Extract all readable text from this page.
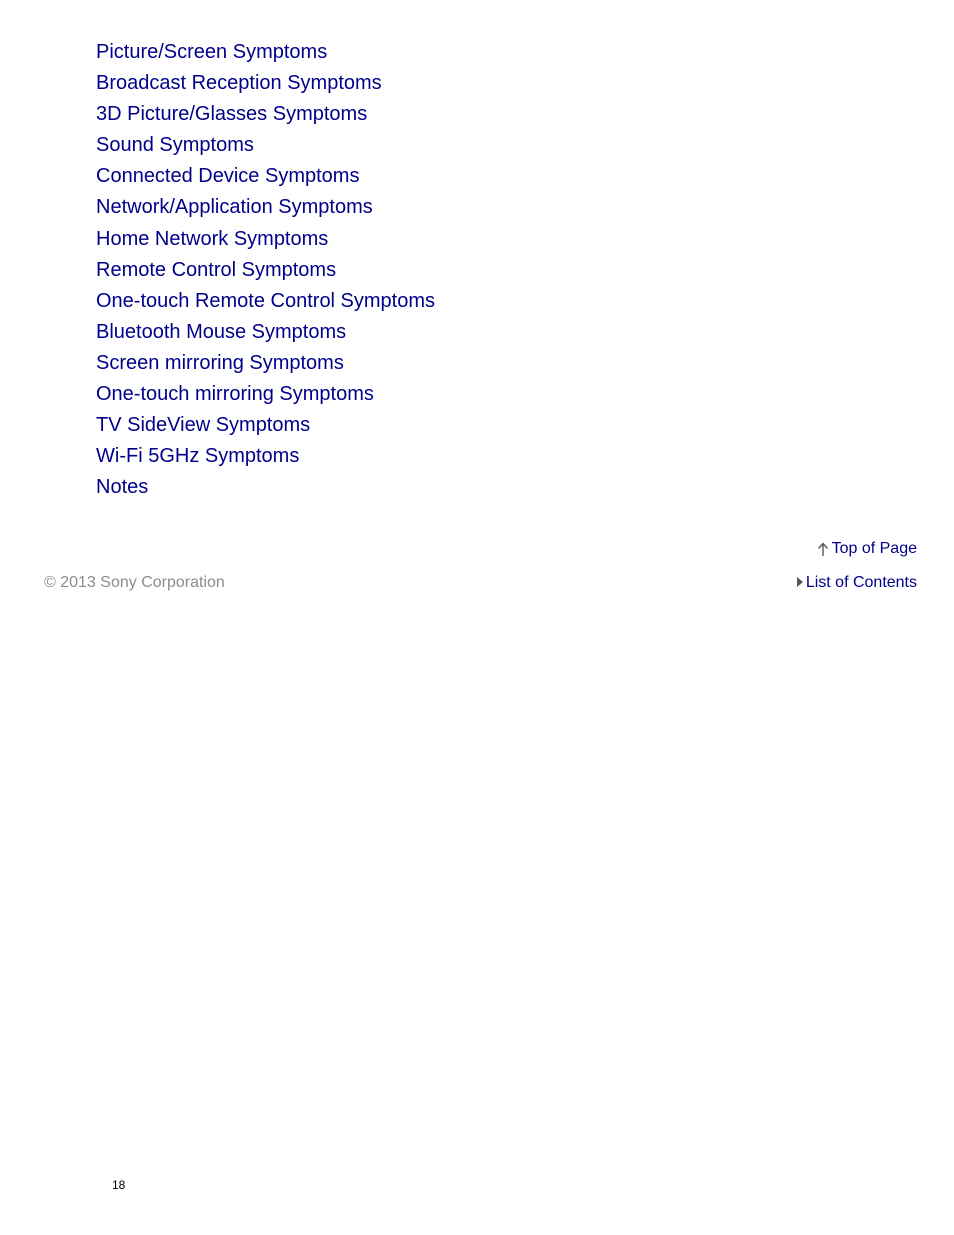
Picture/Screen Symptoms
Broadcast Reception Symptoms
3D Picture/Glasses Symptoms
Sound Symptoms
Connected Device Symptoms
Network/Application Symptoms
Home Network Symptoms
Remote Control Symptoms
One-touch Remote Control Symptoms
Bluetooth Mouse Symptoms
Screen mirroring Symptoms
One-touch mirroring Symptoms
TV SideView Symptoms
Wi-Fi 5GHz Symptoms
Notes
Top of Page
© 2013 Sony Corporation	List of Contents
18
